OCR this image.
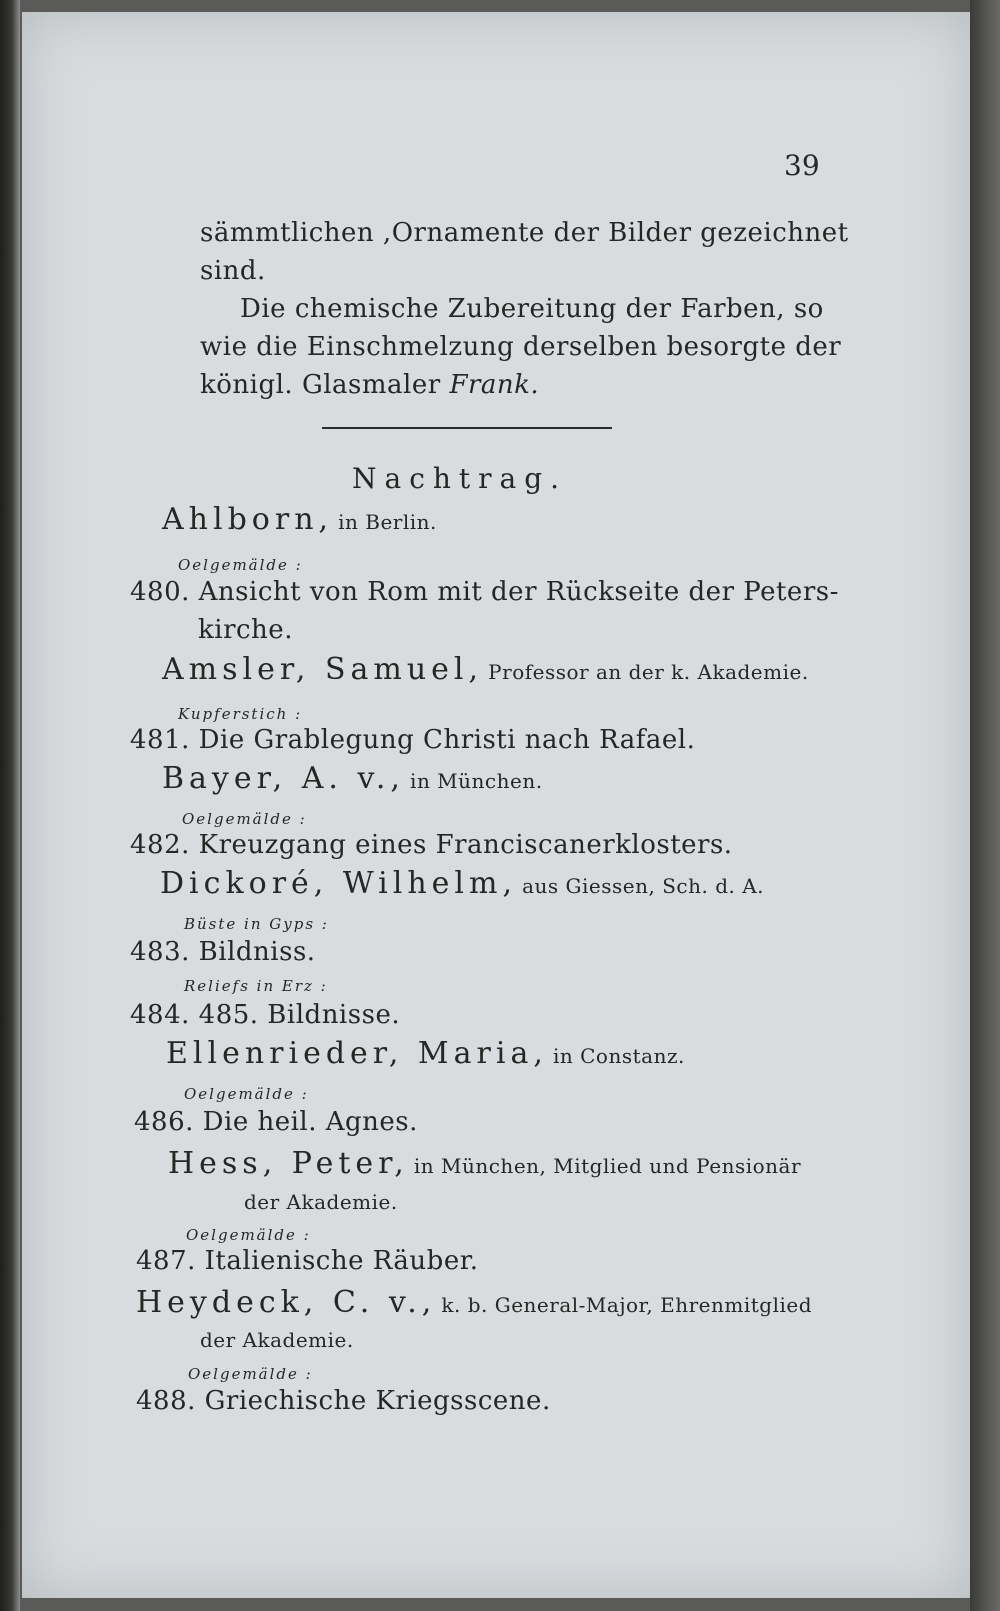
39
sämmtlichen ,Ornamente der Bilder gezeichnet
sind.
Die chemische Zubereitung der Farben, so
wie die Einschmelzung derselben besorgte der
königl. Glasmaler Frank.
Nachtrag.
Ahlborn, in Berlin.
Oelgemälde :
480. Ansicht von Rom mit der Rückseite der Peters-
kirche.
Amsler, Samuel, Professor an der k. Akademie.
Kupferstich :
481. Die Grablegung Christi nach Rafael.
Bayer, A. v., in München.
Oelgemälde :
482. Kreuzgang eines Franciscanerklosters.
Dickoré, Wilhelm, aus Giessen, Sch. d. A.
Büste in Gyps :
483. Bildniss.
Reliefs in Erz :
484. 485. Bildnisse.
Ellenrieder, Maria, in Constanz.
Oelgemälde :
486. Die heil. Agnes.
Hess, Peter, in München, Mitglied und Pensionär
der Akademie.
Oelgemälde :
487. Italienische Räuber.
Heydeck, C. v., k. b. General-Major, Ehrenmitglied
der Akademie.
Oelgemälde :
488. Griechische Kriegsscene.
